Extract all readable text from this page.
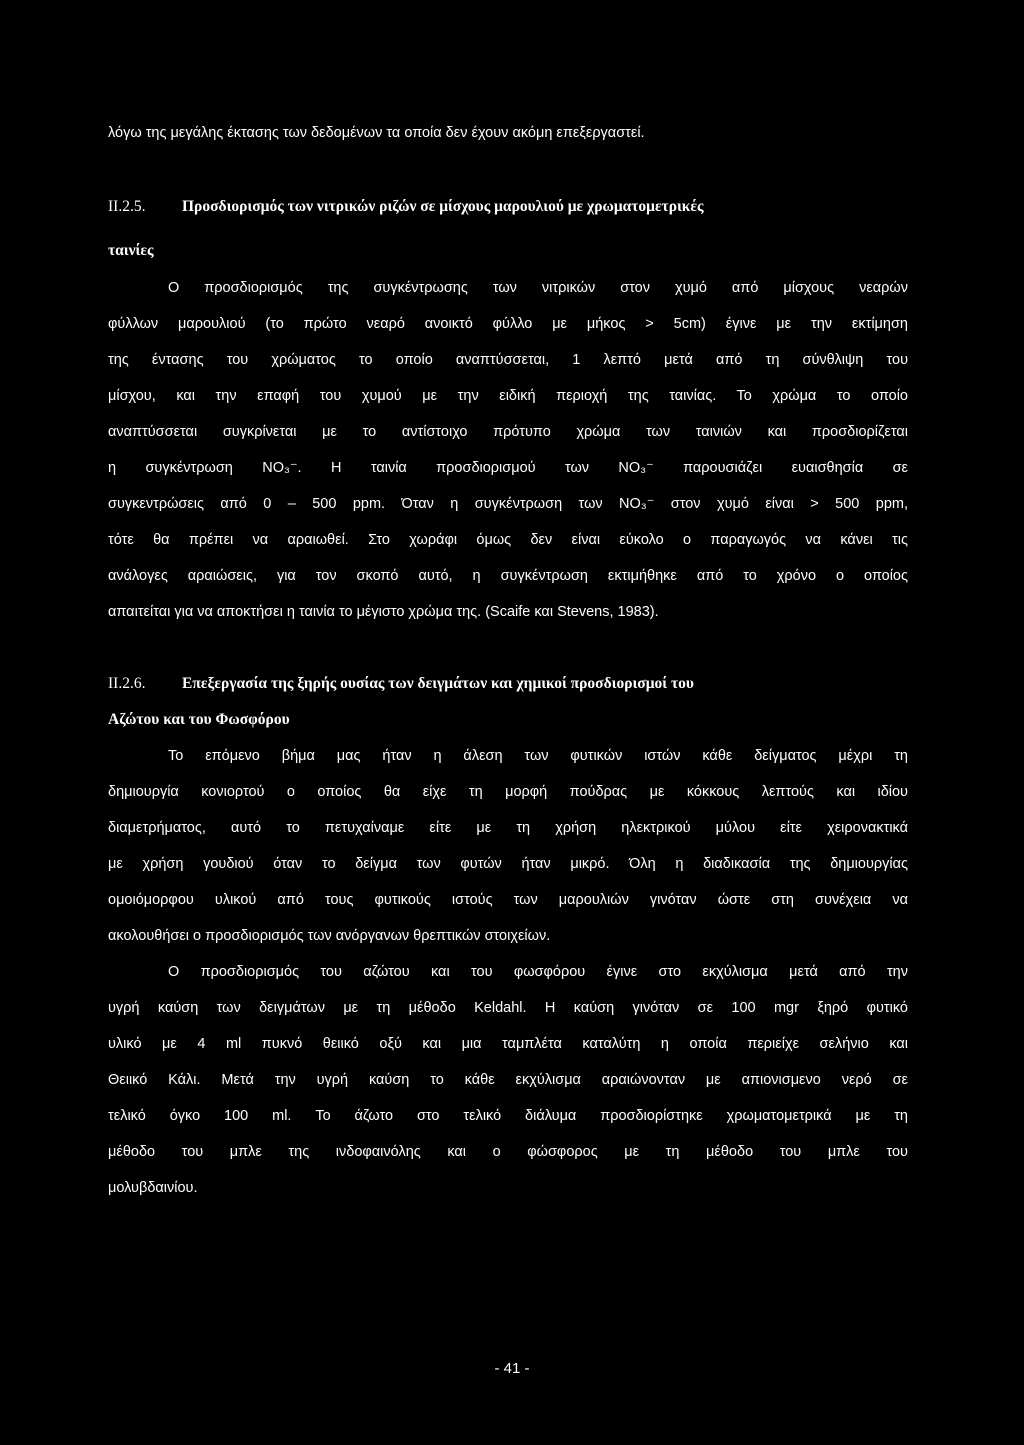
λόγω της μεγάλης έκτασης των δεδομένων τα οποία δεν έχουν ακόμη επεξεργαστεί.
II.2.5. Προσδιορισμός των νιτρικών ριζών σε μίσχους μαρουλιού με χρωματομετρικές
ταινίες
Ο προσδιορισμός της συγκέντρωσης των νιτρικών στον χυμό από μίσχους νεαρών
φύλλων μαρουλιού (το πρώτο νεαρό ανοικτό φύλλο με μήκος > 5cm) έγινε με την εκτίμηση
της έντασης του χρώματος το οποίο αναπτύσσεται, 1 λεπτό μετά από τη σύνθλιψη του
μίσχου, και την επαφή του χυμού με την ειδική περιοχή της ταινίας. Το χρώμα το οποίο
αναπτύσσεται συγκρίνεται με το αντίστοιχο πρότυπο χρώμα των ταινιών και προσδιορίζεται
η συγκέντρωση NO₃⁻. Η ταινία προσδιορισμού των NO₃⁻ παρουσιάζει ευαισθησία σε
συγκεντρώσεις από 0 – 500 ppm. Όταν η συγκέντρωση των NO₃⁻ στον χυμό είναι > 500 ppm,
τότε θα πρέπει να αραιωθεί. Στο χωράφι όμως δεν είναι εύκολο ο παραγωγός να κάνει τις
ανάλογες αραιώσεις, για τον σκοπό αυτό, η συγκέντρωση εκτιμήθηκε από το χρόνο ο οποίος
απαιτείται για να αποκτήσει η ταινία το μέγιστο χρώμα της. (Scaife και Stevens, 1983).
II.2.6. Επεξεργασία της ξηρής ουσίας των δειγμάτων και χημικοί προσδιορισμοί του
Αζώτου και του Φωσφόρου
Το επόμενο βήμα μας ήταν η άλεση των φυτικών ιστών κάθε δείγματος μέχρι τη
δημιουργία κονιορτού ο οποίος θα είχε τη μορφή πούδρας με κόκκους λεπτούς και ιδίου
διαμετρήματος, αυτό το πετυχαίναμε είτε με τη χρήση ηλεκτρικού μύλου είτε χειρονακτικά
με χρήση γουδιού όταν το δείγμα των φυτών ήταν μικρό. Όλη η διαδικασία της δημιουργίας
ομοιόμορφου υλικού από τους φυτικούς ιστούς των μαρουλιών γινόταν ώστε στη συνέχεια να
ακολουθήσει ο προσδιορισμός των ανόργανων θρεπτικών στοιχείων.
Ο προσδιορισμός του αζώτου και του φωσφόρου έγινε στο εκχύλισμα μετά από την
υγρή καύση των δειγμάτων με τη μέθοδο Keldahl. Η καύση γινόταν σε 100 mgr ξηρό φυτικό
υλικό με 4 ml πυκνό θειικό οξύ και μια ταμπλέτα καταλύτη η οποία περιείχε σελήνιο και
Θειικό Κάλι. Μετά την υγρή καύση το κάθε εκχύλισμα αραιώνονταν με απιονισμενο νερό σε
τελικό όγκο 100 ml. Το άζωτο στο τελικό διάλυμα προσδιορίστηκε χρωματομετρικά με τη
μέθοδο του μπλε της ινδοφαινόλης και ο φώσφορος με τη μέθοδο του μπλε του
μολυβδαινίου.
- 41 -
